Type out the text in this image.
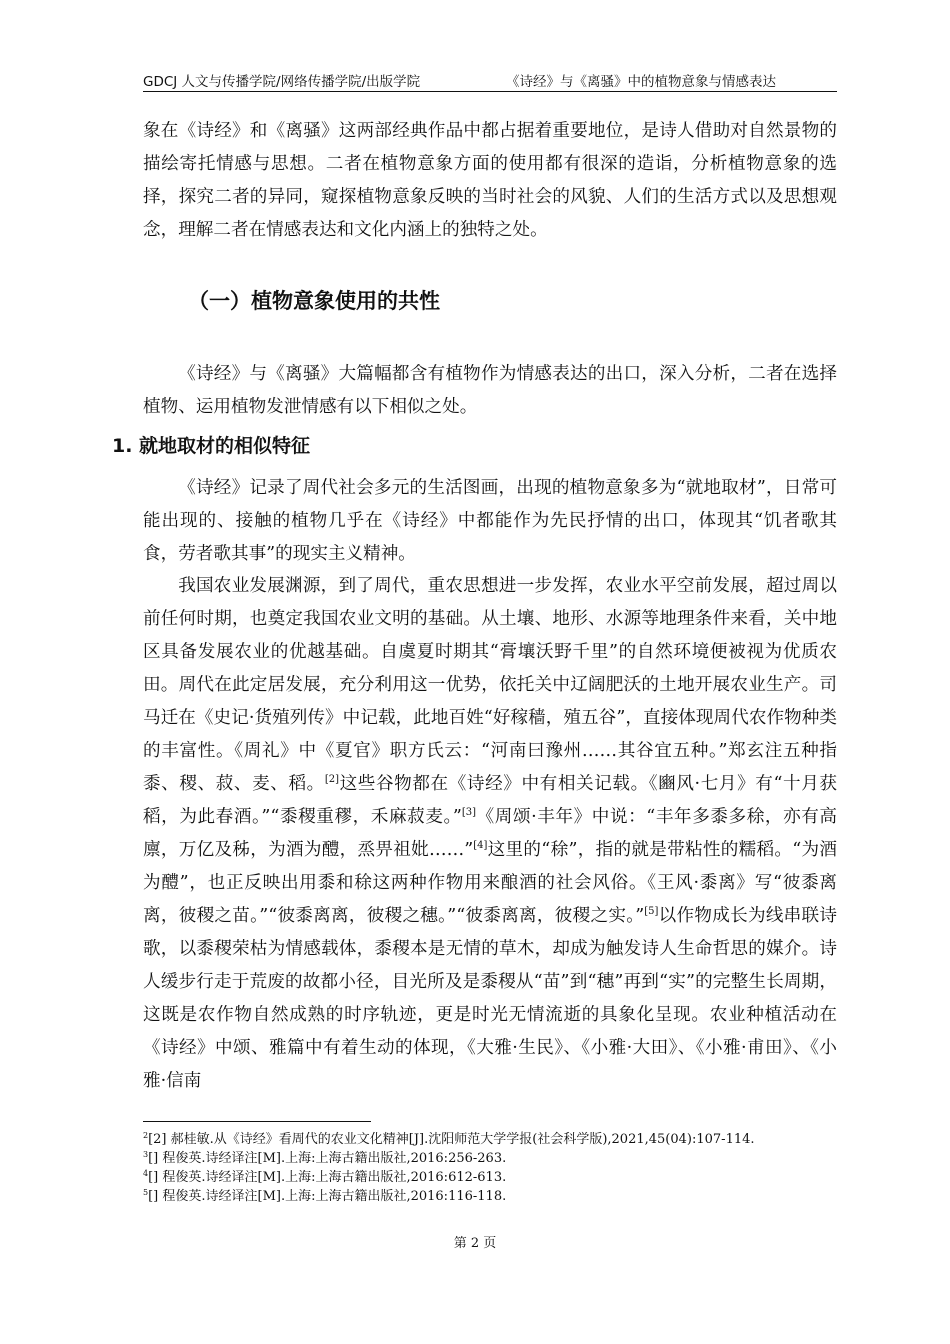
GDCJ 人文与传播学院/网络传播学院/出版学院	《诗经》与《离骚》中的植物意象与情感表达

象在《诗经》和《离骚》这两部经典作品中都占据着重要地位，是诗人借助对自然景物的描绘寄托情感与思想。二者在植物意象方面的使用都有很深的造诣，分析植物意象的选择，探究二者的异同，窥探植物意象反映的当时社会的风貌、人们的生活方式以及思想观念，理解二者在情感表达和文化内涵上的独特之处。

（一）植物意象使用的共性

《诗经》与《离骚》大篇幅都含有植物作为情感表达的出口，深入分析，二者在选择植物、运用植物发泄情感有以下相似之处。

1. 就地取材的相似特征

《诗经》记录了周代社会多元的生活图画，出现的植物意象多为“就地取材”，日常可能出现的、接触的植物几乎在《诗经》中都能作为先民抒情的出口，体现其“饥者歌其食，劳者歌其事”的现实主义精神。

我国农业发展渊源，到了周代，重农思想进一步发挥，农业水平空前发展，超过周以前任何时期，也奠定我国农业文明的基础。从土壤、地形、水源等地理条件来看，关中地区具备发展农业的优越基础。自虞夏时期其“膏壤沃野千里”的自然环境便被视为优质农田。周代在此定居发展，充分利用这一优势，依托关中辽阔肥沃的土地开展农业生产。司马迁在《史记·货殖列传》中记载，此地百姓“好稼穑，殖五谷”，直接体现周代农作物种类的丰富性。《周礼》中《夏官》职方氏云：“河南曰豫州……其谷宜五种。”郑玄注五种指黍、稷、菽、麦、稻。[2]这些谷物都在《诗经》中有相关记载。《豳风·七月》有“十月获稻，为此春酒。”“黍稷重穋，禾麻菽麦。”[3]《周颂·丰年》中说：“丰年多黍多稌，亦有高廪，万亿及秭，为酒为醴，烝畀祖妣……”[4]这里的“稌”，指的就是带粘性的糯稻。“为酒为醴”，也正反映出用黍和稌这两种作物用来酿酒的社会风俗。《王风·黍离》写“彼黍离离，彼稷之苗。”“彼黍离离，彼稷之穗。”“彼黍离离，彼稷之实。”[5]以作物成长为线串联诗歌，以黍稷荣枯为情感载体，黍稷本是无情的草木，却成为触发诗人生命哲思的媒介。诗人缓步行走于荒废的故都小径，目光所及是黍稷从“苗”到“穗”再到“实”的完整生长周期，这既是农作物自然成熟的时序轨迹，更是时光无情流逝的具象化呈现。农业种植活动在《诗经》中颂、雅篇中有着生动的体现，《大雅·生民》、《小雅·大田》、《小雅·甫田》、《小雅·信南

$^2$[2] 郝桂敏.从《诗经》看周代的农业文化精神[J].沈阳师范大学学报(社会科学版),2021,45(04):107-114.

$^3$[] 程俊英.诗经译注[M].上海:上海古籍出版社,2016:256-263.

$^4$[] 程俊英.诗经译注[M].上海:上海古籍出版社,2016:612-613.

$^5$[] 程俊英.诗经译注[M].上海:上海古籍出版社,2016:116-118.

第 2 页
